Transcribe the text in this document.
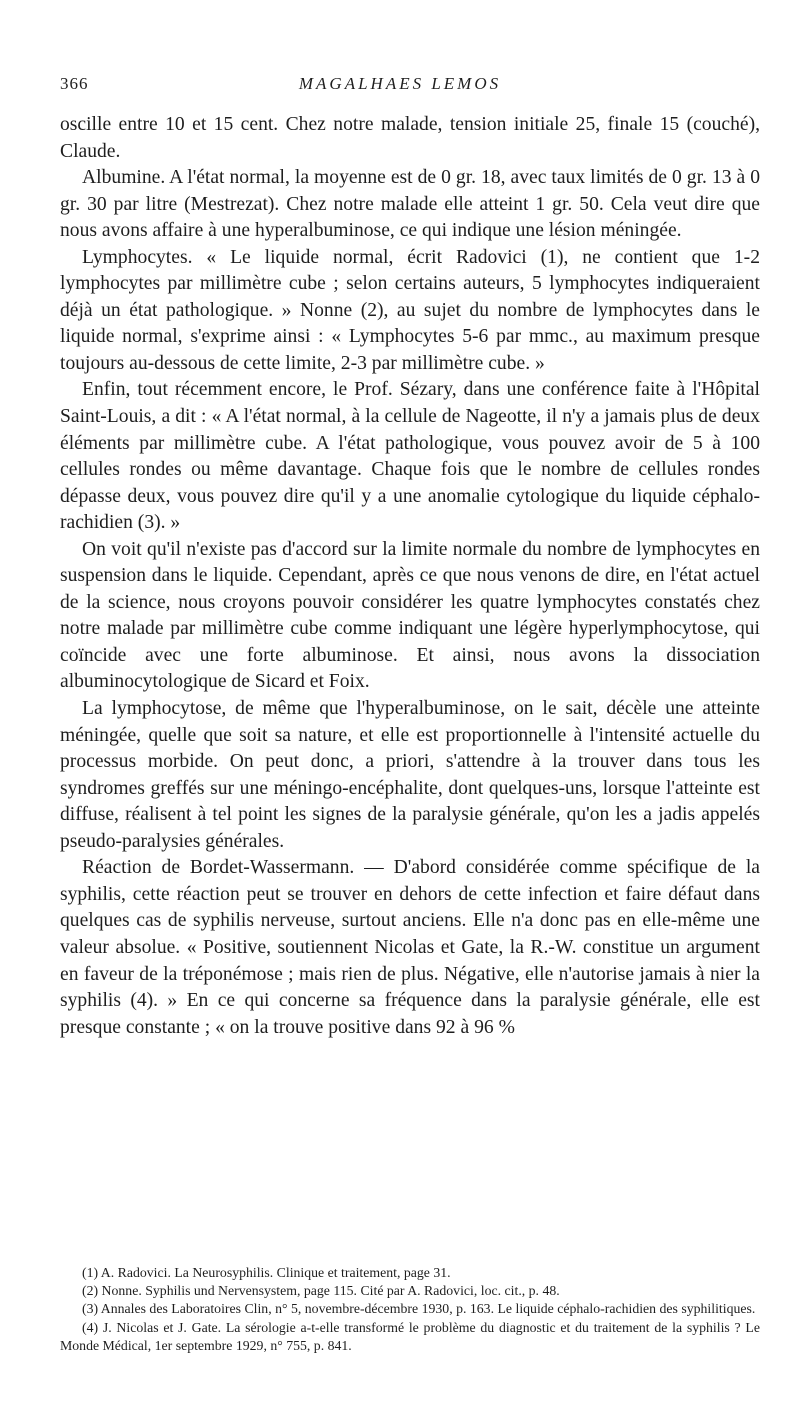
366	MAGALHAES LEMOS

oscille entre 10 et 15 cent. Chez notre malade, tension initiale 25, finale 15 (couché), Claude.

Albumine. A l'état normal, la moyenne est de 0 gr. 18, avec taux limités de 0 gr. 13 à 0 gr. 30 par litre (Mestrezat). Chez notre malade elle atteint 1 gr. 50. Cela veut dire que nous avons affaire à une hyperalbuminose, ce qui indique une lésion méningée.

Lymphocytes. « Le liquide normal, écrit Radovici (1), ne contient que 1-2 lymphocytes par millimètre cube ; selon certains auteurs, 5 lymphocytes indiqueraient déjà un état pathologique. » Nonne (2), au sujet du nombre de lymphocytes dans le liquide normal, s'exprime ainsi : « Lymphocytes 5-6 par mmc., au maximum presque toujours au-dessous de cette limite, 2-3 par millimètre cube. »

Enfin, tout récemment encore, le Prof. Sézary, dans une conférence faite à l'Hôpital Saint-Louis, a dit : « A l'état normal, à la cellule de Nageotte, il n'y a jamais plus de deux éléments par millimètre cube. A l'état pathologique, vous pouvez avoir de 5 à 100 cellules rondes ou même davantage. Chaque fois que le nombre de cellules rondes dépasse deux, vous pouvez dire qu'il y a une anomalie cytologique du liquide céphalo-rachidien (3). »

On voit qu'il n'existe pas d'accord sur la limite normale du nombre de lymphocytes en suspension dans le liquide. Cependant, après ce que nous venons de dire, en l'état actuel de la science, nous croyons pouvoir considérer les quatre lymphocytes constatés chez notre malade par millimètre cube comme indiquant une légère hyperlymphocytose, qui coïncide avec une forte albuminose. Et ainsi, nous avons la dissociation albuminocytologique de Sicard et Foix.

La lymphocytose, de même que l'hyperalbuminose, on le sait, décèle une atteinte méningée, quelle que soit sa nature, et elle est proportionnelle à l'intensité actuelle du processus morbide. On peut donc, a priori, s'attendre à la trouver dans tous les syndromes greffés sur une méningo-encéphalite, dont quelques-uns, lorsque l'atteinte est diffuse, réalisent à tel point les signes de la paralysie générale, qu'on les a jadis appelés pseudo-paralysies générales.

Réaction de Bordet-Wassermann. — D'abord considérée comme spécifique de la syphilis, cette réaction peut se trouver en dehors de cette infection et faire défaut dans quelques cas de syphilis nerveuse, surtout anciens. Elle n'a donc pas en elle-même une valeur absolue. « Positive, soutiennent Nicolas et Gate, la R.-W. constitue un argument en faveur de la tréponémose ; mais rien de plus. Négative, elle n'autorise jamais à nier la syphilis (4). » En ce qui concerne sa fréquence dans la paralysie générale, elle est presque constante ; « on la trouve positive dans 92 à 96 %

(1) A. Radovici. La Neurosyphilis. Clinique et traitement, page 31.

(2) Nonne. Syphilis und Nervensystem, page 115. Cité par A. Radovici, loc. cit., p. 48.

(3) Annales des Laboratoires Clin, n° 5, novembre-décembre 1930, p. 163. Le liquide céphalo-rachidien des syphilitiques.

(4) J. Nicolas et J. Gate. La sérologie a-t-elle transformé le problème du diagnostic et du traitement de la syphilis ? Le Monde Médical, 1er septembre 1929, n° 755, p. 841.
